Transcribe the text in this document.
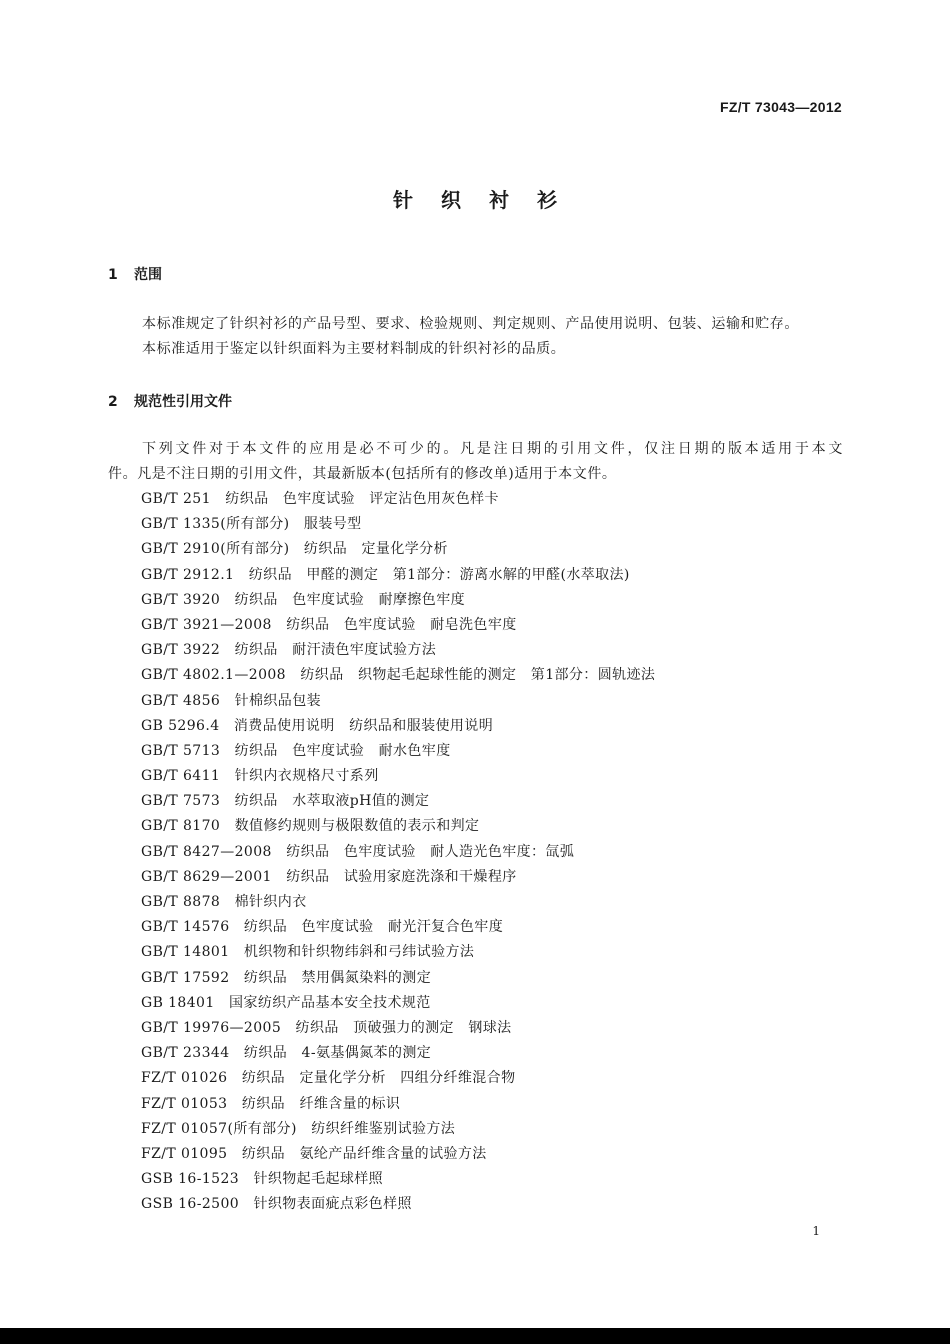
FZ/T 73043—2012
针织衬衫
1 范围
本标准规定了针织衬衫的产品号型、要求、检验规则、判定规则、产品使用说明、包装、运输和贮存。
本标准适用于鉴定以针织面料为主要材料制成的针织衬衫的品质。
2 规范性引用文件
下列文件对于本文件的应用是必不可少的。凡是注日期的引用文件，仅注日期的版本适用于本文
件。凡是不注日期的引用文件，其最新版本(包括所有的修改单)适用于本文件。
GB/T 251　纺织品　色牢度试验　评定沾色用灰色样卡
GB/T 1335(所有部分)　服装号型
GB/T 2910(所有部分)　纺织品　定量化学分析
GB/T 2912.1　纺织品　甲醛的测定　第1部分：游离水解的甲醛(水萃取法)
GB/T 3920　纺织品　色牢度试验　耐摩擦色牢度
GB/T 3921—2008　纺织品　色牢度试验　耐皂洗色牢度
GB/T 3922　纺织品　耐汗渍色牢度试验方法
GB/T 4802.1—2008　纺织品　织物起毛起球性能的测定　第1部分：圆轨迹法
GB/T 4856　针棉织品包装
GB 5296.4　消费品使用说明　纺织品和服装使用说明
GB/T 5713　纺织品　色牢度试验　耐水色牢度
GB/T 6411　针织内衣规格尺寸系列
GB/T 7573　纺织品　水萃取液pH值的测定
GB/T 8170　数值修约规则与极限数值的表示和判定
GB/T 8427—2008　纺织品　色牢度试验　耐人造光色牢度：氙弧
GB/T 8629—2001　纺织品　试验用家庭洗涤和干燥程序
GB/T 8878　棉针织内衣
GB/T 14576　纺织品　色牢度试验　耐光汗复合色牢度
GB/T 14801　机织物和针织物纬斜和弓纬试验方法
GB/T 17592　纺织品　禁用偶氮染料的测定
GB 18401　国家纺织产品基本安全技术规范
GB/T 19976—2005　纺织品　顶破强力的测定　钢球法
GB/T 23344　纺织品　4-氨基偶氮苯的测定
FZ/T 01026　纺织品　定量化学分析　四组分纤维混合物
FZ/T 01053　纺织品　纤维含量的标识
FZ/T 01057(所有部分)　纺织纤维鉴别试验方法
FZ/T 01095　纺织品　氨纶产品纤维含量的试验方法
GSB 16-1523　针织物起毛起球样照
GSB 16-2500　针织物表面疵点彩色样照
1
